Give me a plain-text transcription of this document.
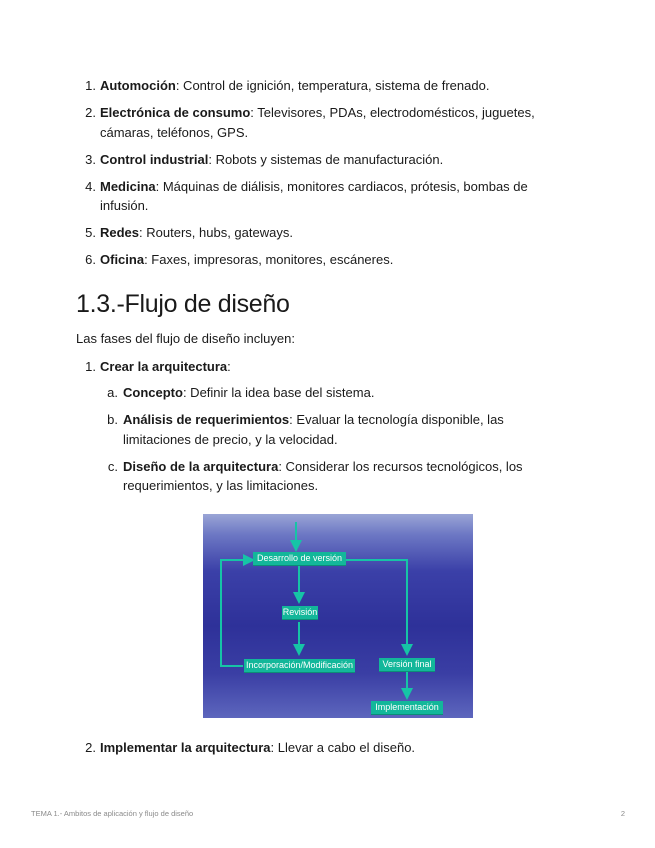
1. Automoción: Control de ignición, temperatura, sistema de frenado.
2. Electrónica de consumo: Televisores, PDAs, electrodomésticos, juguetes, cámaras, teléfonos, GPS.
3. Control industrial: Robots y sistemas de manufacturación.
4. Medicina: Máquinas de diálisis, monitores cardiacos, prótesis, bombas de infusión.
5. Redes: Routers, hubs, gateways.
6. Oficina: Faxes, impresoras, monitores, escáneres.
1.3.-Flujo de diseño

Las fases del flujo de diseño incluyen:

1. Crear la arquitectura:
a. Concepto: Definir la idea base del sistema.
b. Análisis de requerimientos: Evaluar la tecnología disponible, las limitaciones de precio, y la velocidad.
c. Diseño de la arquitectura: Considerar los recursos tecnológicos, los requerimientos, y las limitaciones.
Desarrollo de versión
Revisión
Incorporación/Modificación	Versión final
Implementación
2. Implementar la arquitectura: Llevar a cabo el diseño.
TEMA 1.- Ambitos de aplicación y flujo de diseño	2
